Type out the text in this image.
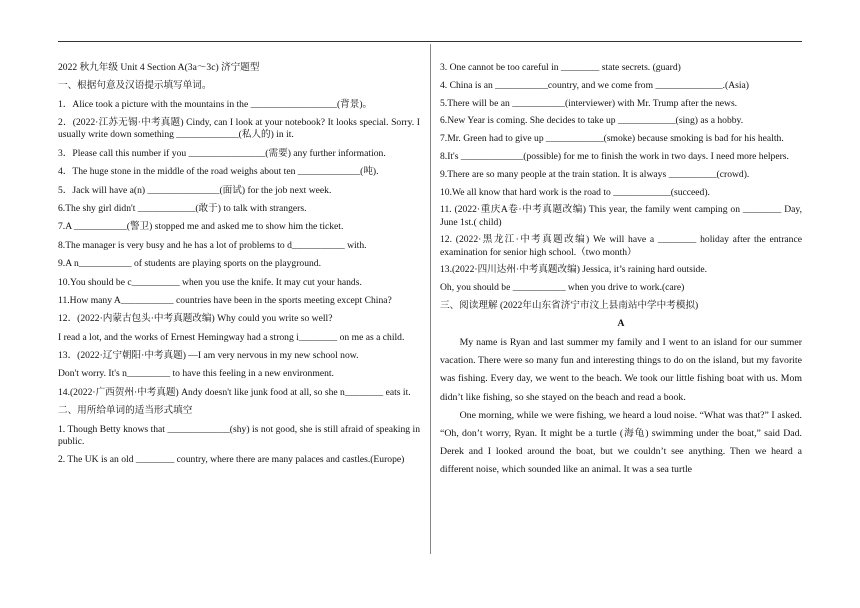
2022 秋九年级 Unit 4 Section A(3a～3c) 济宁题型
一、根据句意及汉语提示填写单词。
1．Alice took a picture with the mountains in the __________________(背景)。
2．(2022·江苏无锡·中考真题) Cindy, can I look at your notebook? It looks special. Sorry. I usually write down something _____________(私人的) in it.
3．Please call this number if you ________________(需要) any further information.
4．The huge stone in the middle of the road weighs about ten _____________(吨).
5．Jack will have a(n) _______________(面试) for the job next week.
6.The shy girl didn't ____________(敢于) to talk with strangers.
7.A ___________(警卫) stopped me and asked me to show him the ticket.
8.The manager is very busy and he has a lot of problems to d___________ with.
9.A n___________ of students are playing sports on the playground.
10.You should be c__________ when you use the knife. It may cut your hands.
11.How many A___________ countries have been in the sports meeting except China?
12．(2022·内蒙古包头·中考真题改编) Why could you write so well?
I read a lot, and the works of Ernest Hemingway had a strong i________ on me as a child.
13．(2022·辽宁朝阳·中考真题) —I am very nervous in my new school now.
Don't worry. It's n_________ to have this feeling in a new environment.
14.(2022·广西贺州·中考真题) Andy doesn't like junk food at all, so she n________ eats it.
二、用所给单词的适当形式填空
1. Though Betty knows that _____________(shy) is not good, she is still afraid of speaking in public.
2. The UK is an old ________ country, where there are many palaces and castles.(Europe)
3. One cannot be too careful in ________ state secrets. (guard)
4. China is an ___________country, and we come from ______________.(Asia)
5.There will be an ___________(interviewer) with Mr. Trump after the news.
6.New Year is coming. She decides to take up ____________(sing) as a hobby.
7.Mr. Green had to give up ____________(smoke) because smoking is bad for his health.
8.It's _____________(possible) for me to finish the work in two days. I need more helpers.
9.There are so many people at the train station. It is always __________(crowd).
10.We all know that hard work is the road to ____________(succeed).
11. (2022·重庆A卷·中考真题改编) This year, the family went camping on ________ Day, June 1st.( child)
12. (2022·黑龙江·中考真题改编) We will have a ________ holiday after the entrance examination for senior high school.（two month）
13.(2022·四川达州·中考真题改编) Jessica, it’s raining hard outside.
Oh, you should be ___________ when you drive to work.(care)
三、阅读理解 (2022年山东省济宁市汶上县南站中学中考模拟)
A

My name is Ryan and last summer my family and I went to an island for our summer vacation. There were so many fun and interesting things to do on the island, but my favorite was fishing. Every day, we went to the beach. We took our little fishing boat with us. Mom didn’t like fishing, so she stayed on the beach and read a book.

One morning, while we were fishing, we heard a loud noise. “What was that?” I asked. “Oh, don’t worry, Ryan. It might be a turtle (海龟) swimming under the boat,” said Dad. Derek and I looked around the boat, but we couldn’t see anything. Then we heard a different noise, which sounded like an animal. It was a sea turtle
